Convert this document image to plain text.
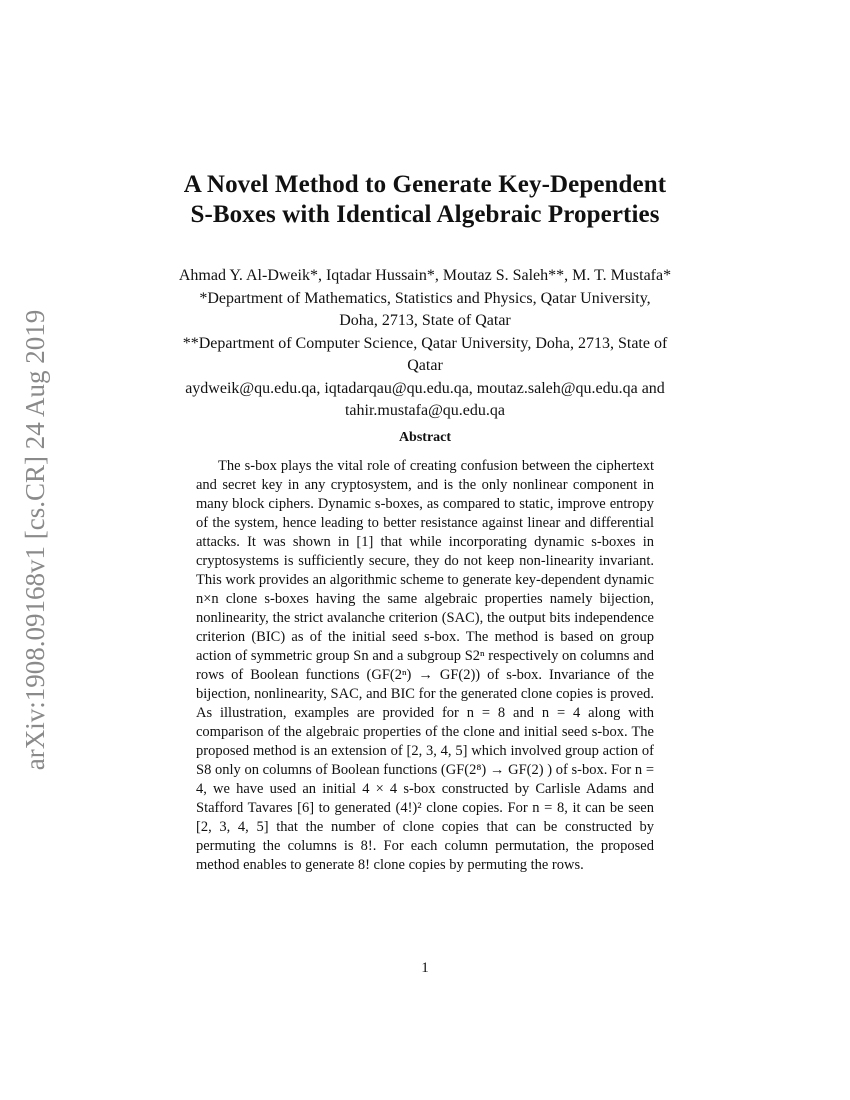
arXiv:1908.09168v1 [cs.CR] 24 Aug 2019
A Novel Method to Generate Key-Dependent
S-Boxes with Identical Algebraic Properties
Ahmad Y. Al-Dweik*, Iqtadar Hussain*, Moutaz S. Saleh**, M. T. Mustafa*
*Department of Mathematics, Statistics and Physics, Qatar University,
Doha, 2713, State of Qatar
**Department of Computer Science, Qatar University, Doha, 2713, State of
Qatar
aydweik@qu.edu.qa, iqtadarqau@qu.edu.qa, moutaz.saleh@qu.edu.qa and
tahir.mustafa@qu.edu.qa
Abstract

The s-box plays the vital role of creating confusion between the ciphertext and secret key in any cryptosystem, and is the only nonlinear component in many block ciphers. Dynamic s-boxes, as compared to static, improve entropy of the system, hence leading to better resistance against linear and differential attacks. It was shown in [1] that while incorporating dynamic s-boxes in cryptosystems is sufficiently secure, they do not keep non-linearity invariant. This work provides an algorithmic scheme to generate key-dependent dynamic n×n clone s-boxes having the same algebraic properties namely bijection, nonlinearity, the strict avalanche criterion (SAC), the output bits independence criterion (BIC) as of the initial seed s-box. The method is based on group action of symmetric group Sn and a subgroup S2ⁿ respectively on columns and rows of Boolean functions (GF(2ⁿ) → GF(2)) of s-box. Invariance of the bijection, nonlinearity, SAC, and BIC for the generated clone copies is proved. As illustration, examples are provided for n = 8 and n = 4 along with comparison of the algebraic properties of the clone and initial seed s-box. The proposed method is an extension of [2, 3, 4, 5] which involved group action of S8 only on columns of Boolean functions (GF(2⁸) → GF(2) ) of s-box. For n = 4, we have used an initial 4 × 4 s-box constructed by Carlisle Adams and Stafford Tavares [6] to generated (4!)² clone copies. For n = 8, it can be seen [2, 3, 4, 5] that the number of clone copies that can be constructed by permuting the columns is 8!. For each column permutation, the proposed method enables to generate 8! clone copies by permuting the rows.

1
